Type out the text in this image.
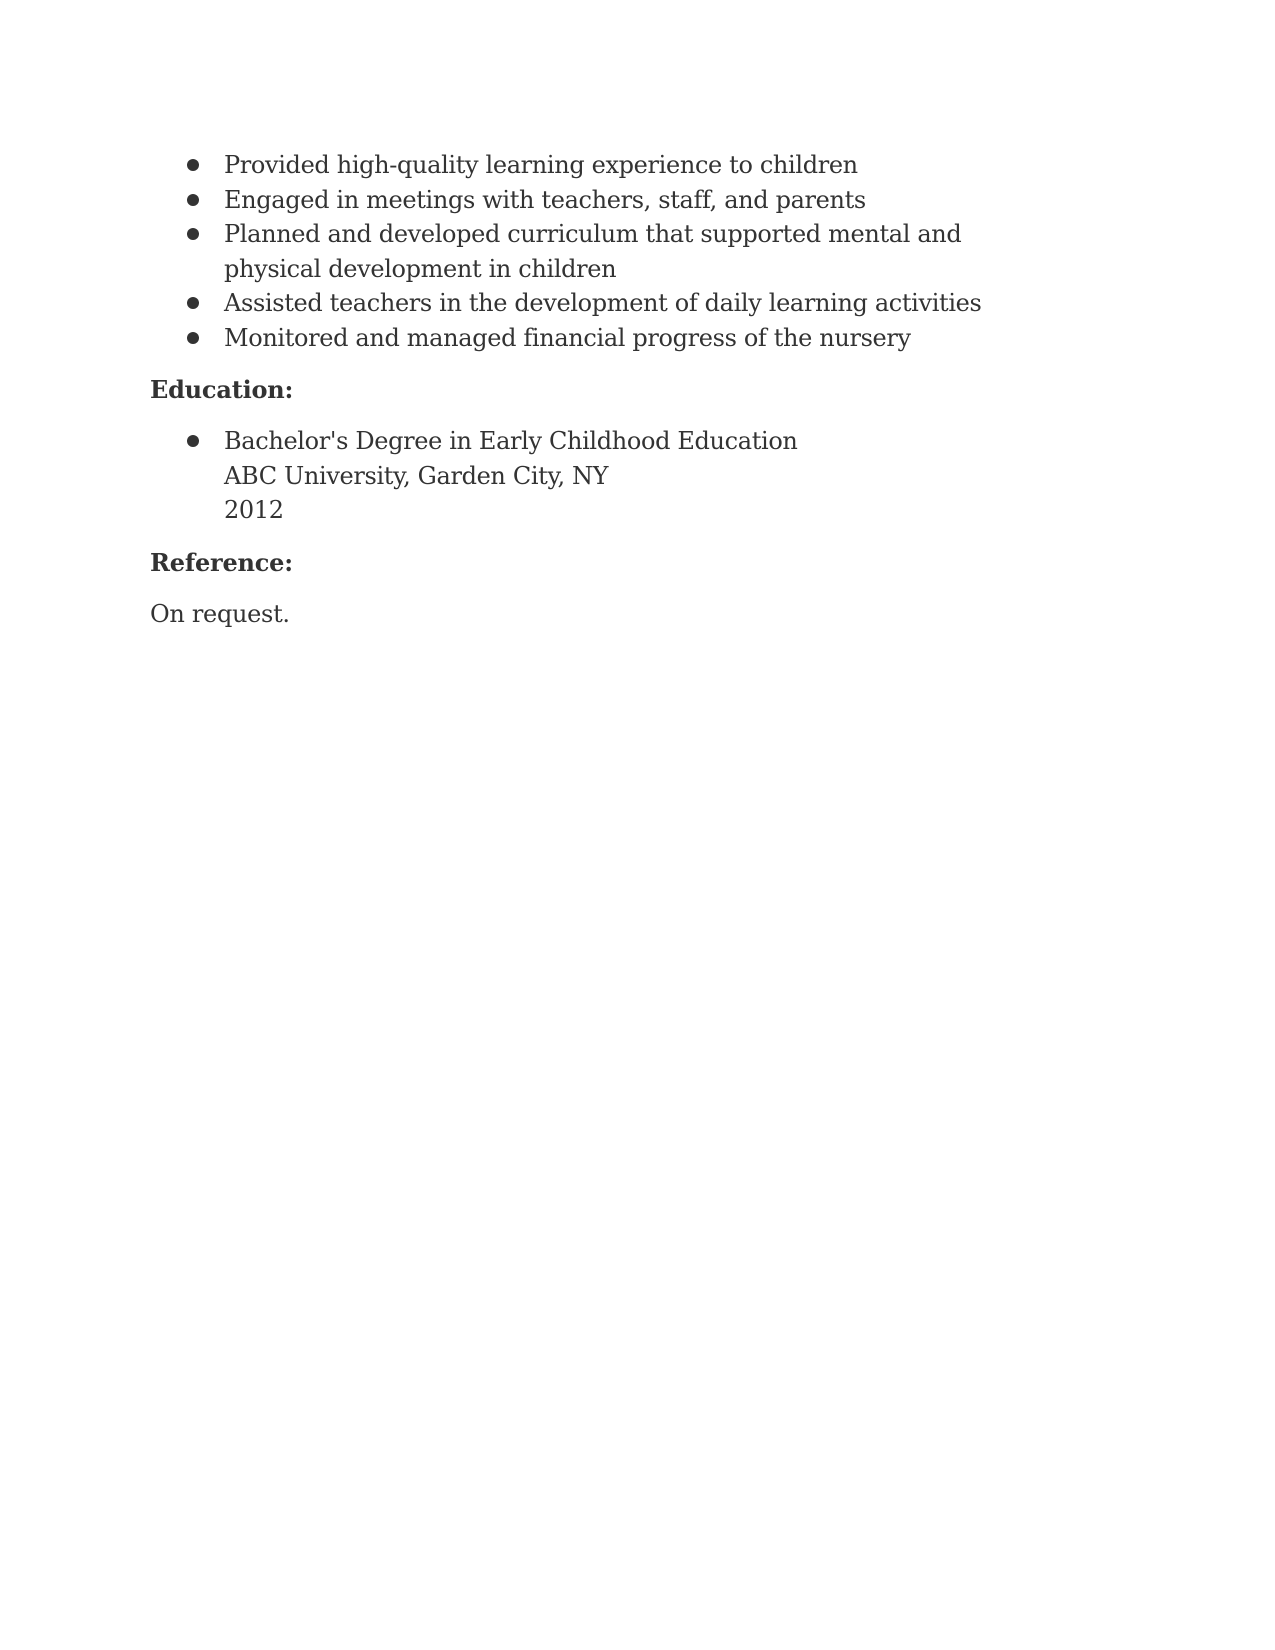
Provided high-quality learning experience to children
Engaged in meetings with teachers, staff, and parents
Planned and developed curriculum that supported mental and physical development in children
Assisted teachers in the development of daily learning activities
Monitored and managed financial progress of the nursery
Education:
Bachelor's Degree in Early Childhood Education
ABC University, Garden City, NY
2012
Reference:

On request.
